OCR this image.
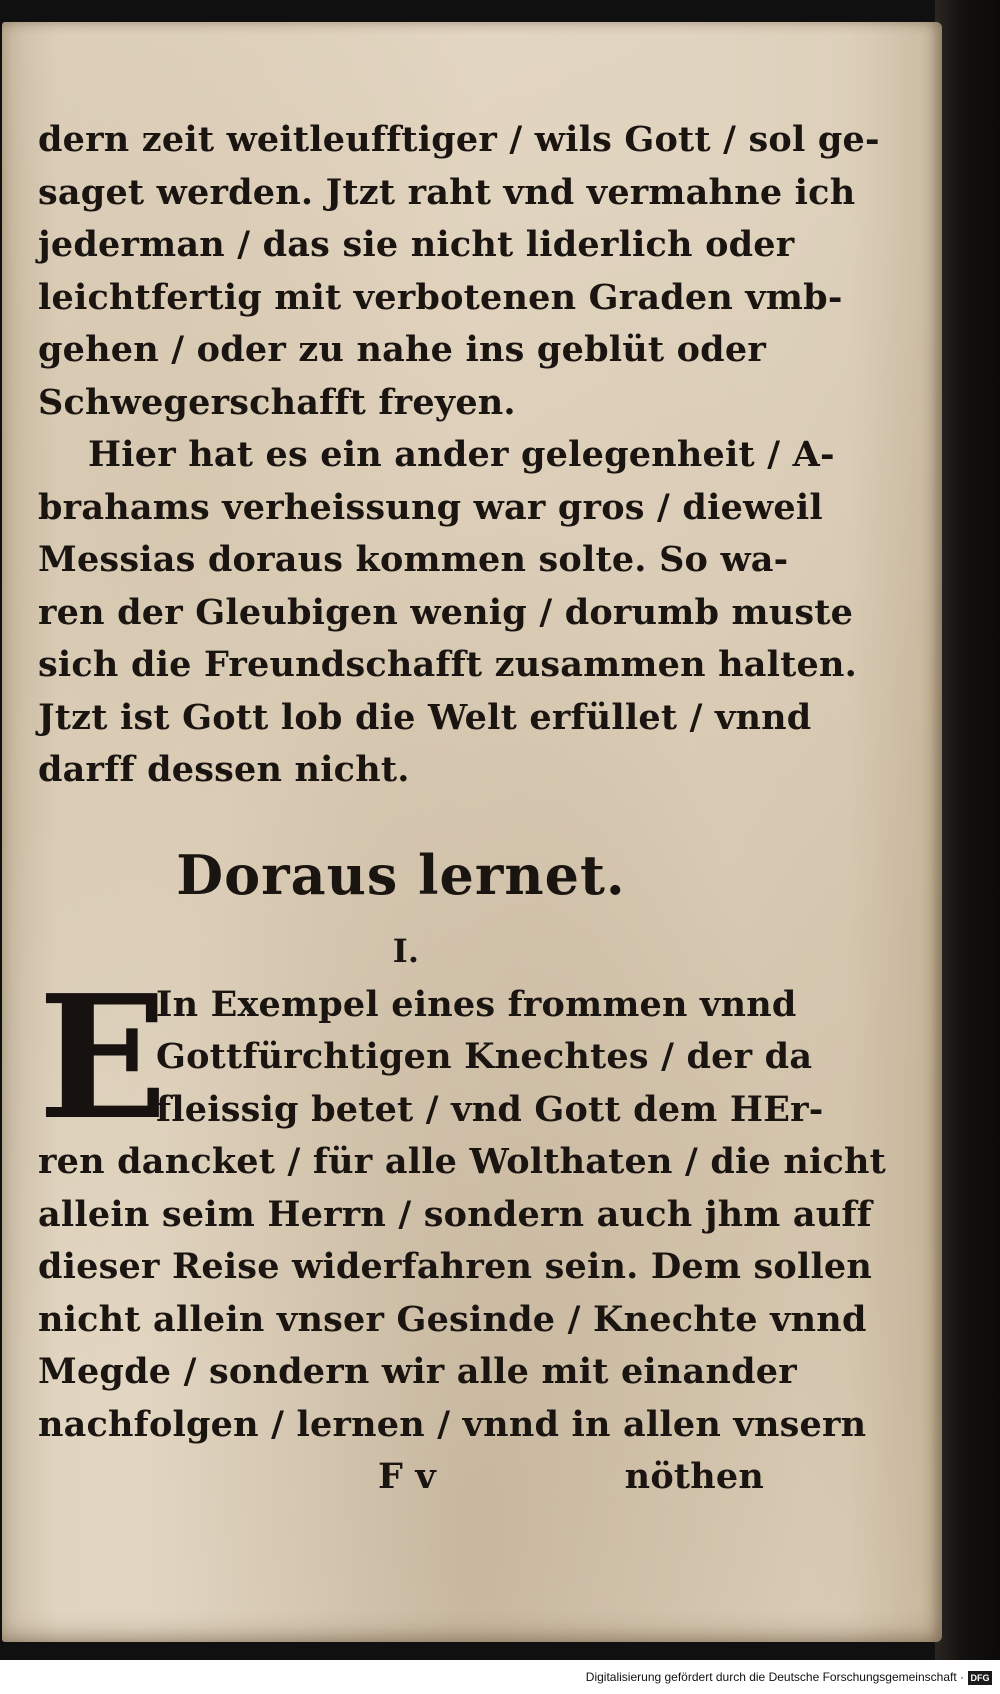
dern zeit weitleufftiger / wils Gott / sol ge-
saget werden. Jtzt raht vnd vermahne ich
jederman / das sie nicht liderlich oder
leichtfertig mit verbotenen Graden vmb-
gehen / oder zu nahe ins geblüt oder
Schwegerschafft freyen.
Hier hat es ein ander gelegenheit / A-
brahams verheissung war gros / dieweil
Messias doraus kommen solte. So wa-
ren der Gleubigen wenig / dorumb muste
sich die Freundschafft zusammen halten.
Jtzt ist Gott lob die Welt erfüllet / vnnd
darff dessen nicht.
Doraus lernet.
I.
E
In Exempel eines frommen vnnd
Gottfürchtigen Knechtes / der da
fleissig betet / vnd Gott dem HEr-
ren dancket / für alle Wolthaten / die nicht
allein seim Herrn / sondern auch jhm auff
dieser Reise widerfahren sein. Dem sollen
nicht allein vnser Gesinde / Knechte vnnd
Megde / sondern wir alle mit einander
nachfolgen / lernen / vnnd in allen vnsern
F v	nöthen
Digitalisierung gefördert durch die Deutsche Forschungsgemeinschaft · DFG
